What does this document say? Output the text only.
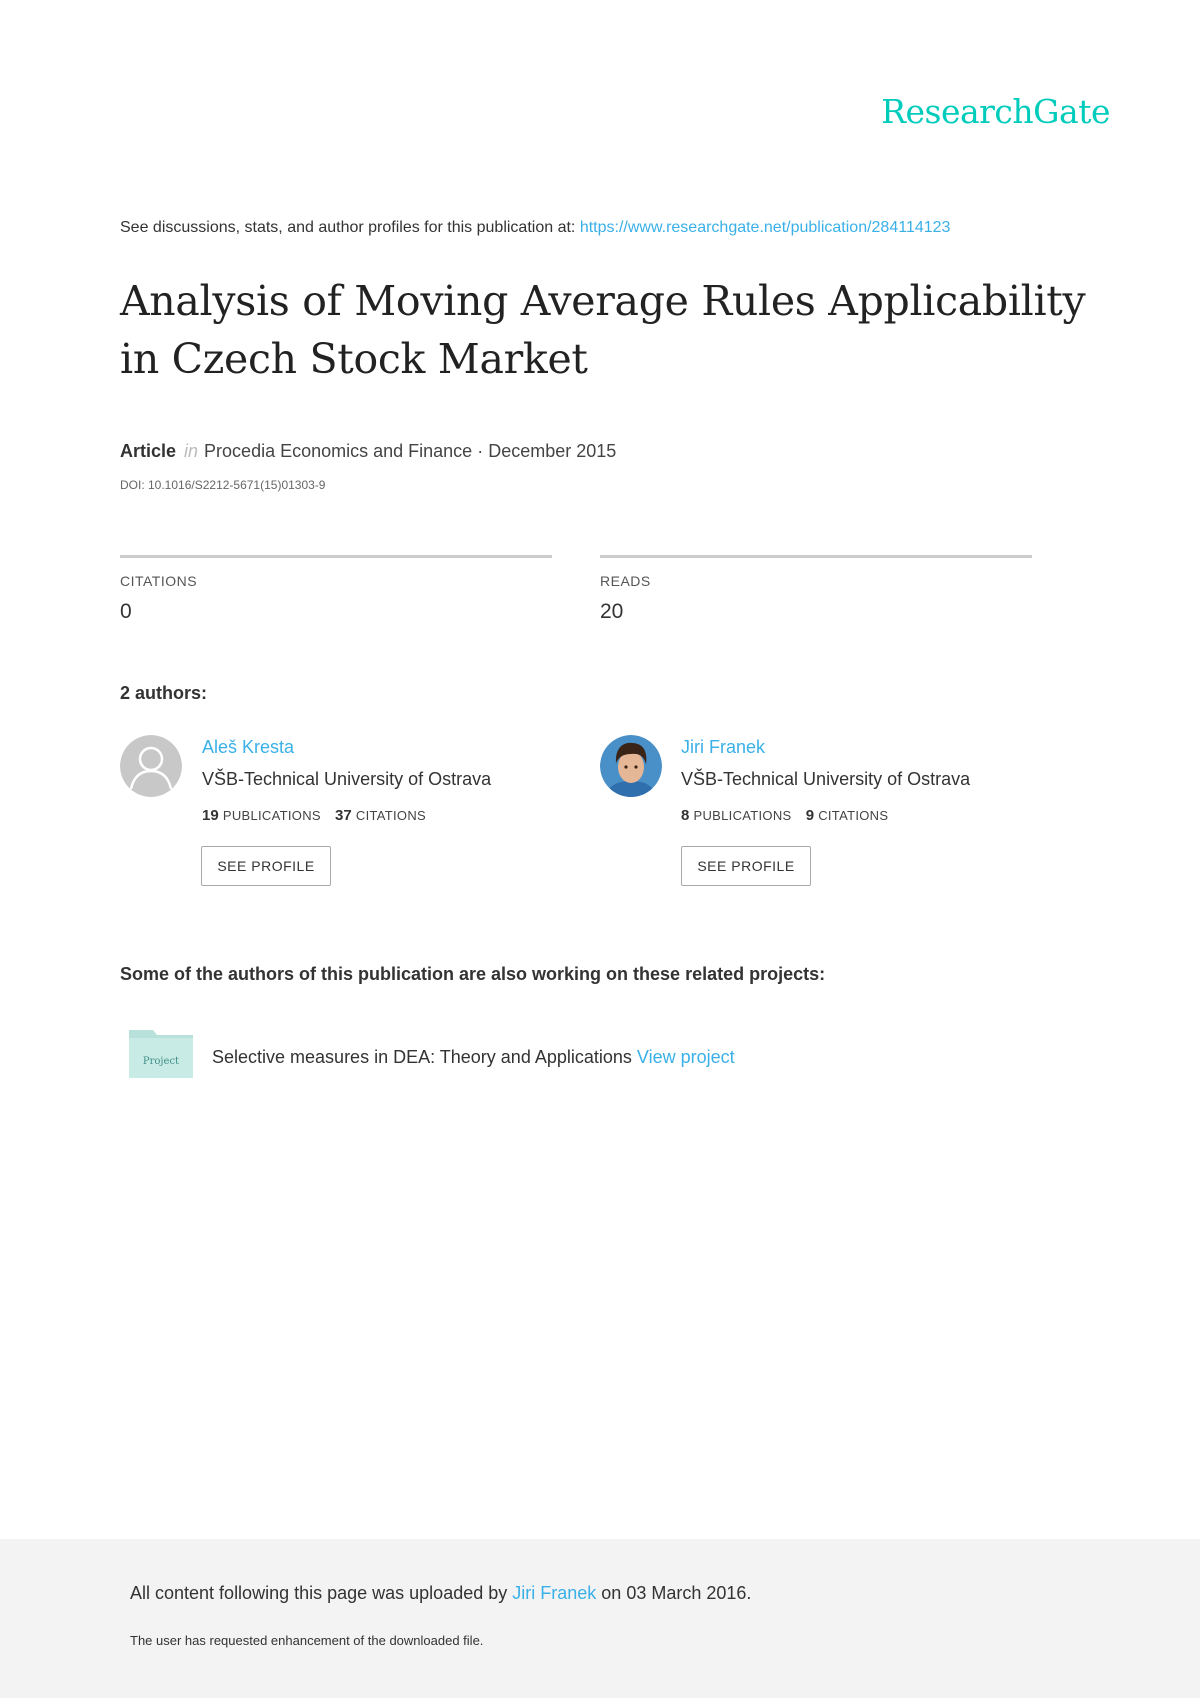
ResearchGate
See discussions, stats, and author profiles for this publication at: https://www.researchgate.net/publication/284114123
Analysis of Moving Average Rules Applicability
in Czech Stock Market
Article in Procedia Economics and Finance · December 2015
DOI: 10.1016/S2212-5671(15)01303-9
CITATIONS
0
READS
20
2 authors:
Aleš Kresta
VŠB-Technical University of Ostrava
19 PUBLICATIONS 37 CITATIONS
SEE PROFILE
Jiri Franek
VŠB-Technical University of Ostrava
8 PUBLICATIONS 9 CITATIONS
SEE PROFILE
Some of the authors of this publication are also working on these related projects:
Project Selective measures in DEA: Theory and Applications View project
All content following this page was uploaded by Jiri Franek on 03 March 2016.
The user has requested enhancement of the downloaded file.
